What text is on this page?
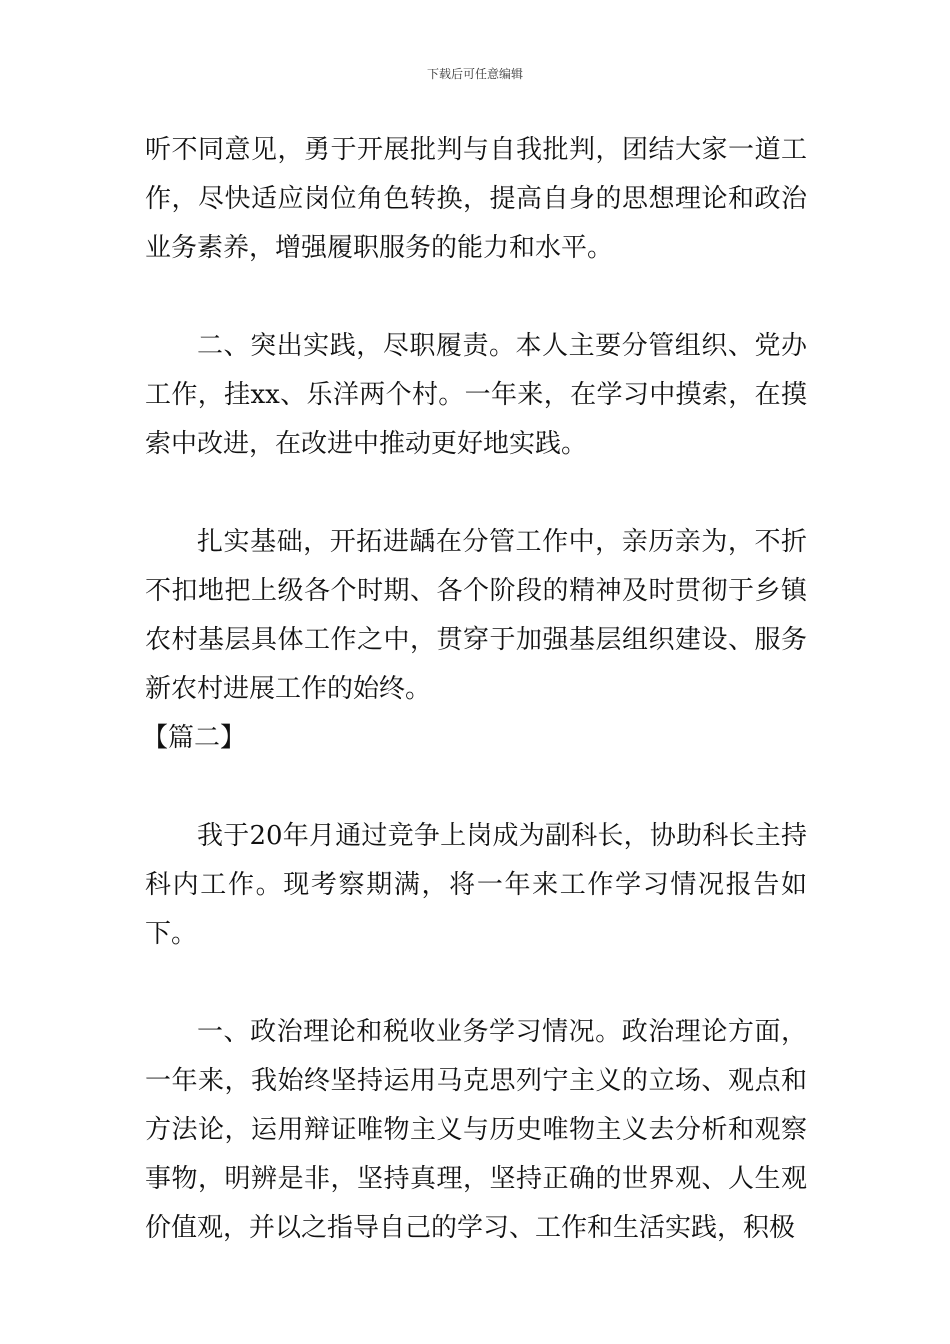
下载后可任意编辑

听不同意见，勇于开展批判与自我批判，团结大家一道工作，尽快适应岗位角色转换，提高自身的思想理论和政治业务素养，增强履职服务的能力和水平。

二、突出实践，尽职履责。本人主要分管组织、党办工作，挂xx、乐洋两个村。一年来，在学习中摸索，在摸索中改进，在改进中推动更好地实践。

扎实基础，开拓进龋在分管工作中，亲历亲为，不折不扣地把上级各个时期、各个阶段的精神及时贯彻于乡镇农村基层具体工作之中，贯穿于加强基层组织建设、服务新农村进展工作的始终。

【篇二】

我于20年月通过竞争上岗成为副科长，协助科长主持科内工作。现考察期满，将一年来工作学习情况报告如下。

一、政治理论和税收业务学习情况。政治理论方面，一年来，我始终坚持运用马克思列宁主义的立场、观点和方法论，运用辩证唯物主义与历史唯物主义去分析和观察事物，明辨是非，坚持真理，坚持正确的世界观、人生观价值观，并以之指导自己的学习、工作和生活实践，积极
